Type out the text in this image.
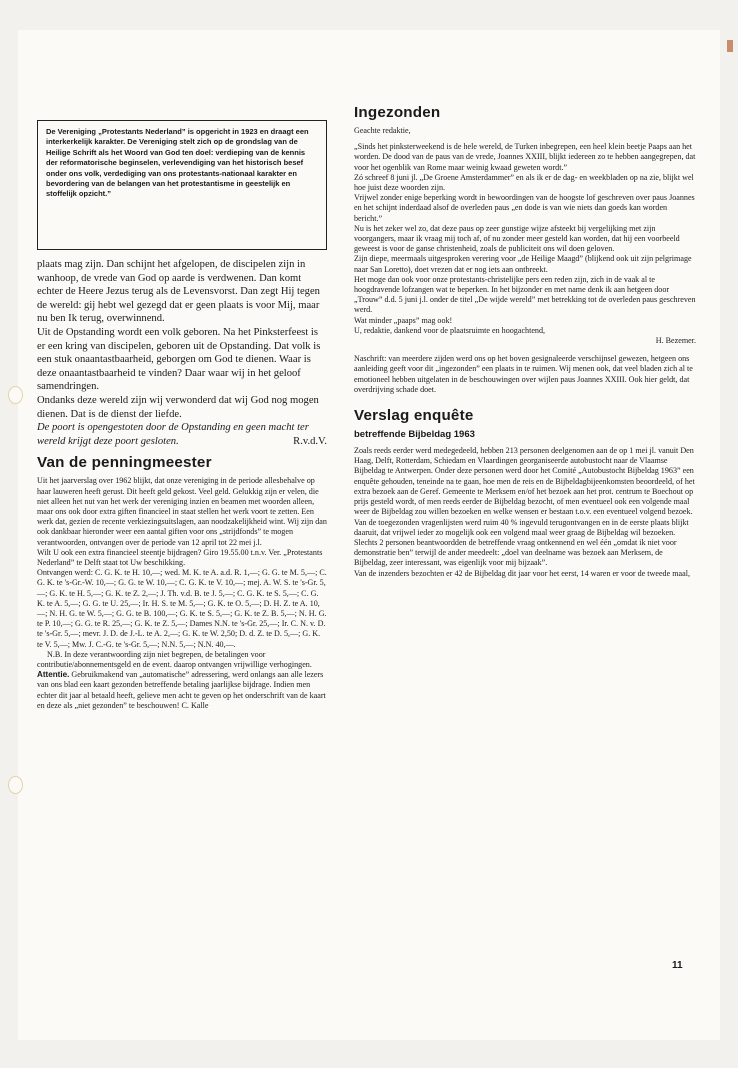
De Vereniging „Protestants Nederland” is opgericht in 1923 en draagt een interkerkelijk karakter. De Vereniging stelt zich op de grondslag van de Heilige Schrift als het Woord van God ten doel: verdieping van de kennis der reformatorische beginselen, verlevendiging van het historisch besef onder ons volk, verdediging van ons protestants-nationaal karakter en bevordering van de belangen van het protestantisme in geestelijk en stoffelijk opzicht.”

plaats mag zijn. Dan schijnt het afgelopen, de discipelen zijn in wanhoop, de vrede van God op aarde is verdwenen. Dan komt echter de Heere Jezus terug als de Levensvorst. Dan zegt Hij tegen de wereld: gij hebt wel gezegd dat er geen plaats is voor Mij, maar nu ben Ik terug, overwinnend.

Uit de Opstanding wordt een volk geboren. Na het Pinksterfeest is er een kring van discipelen, geboren uit de Opstanding. Dat volk is een stuk onaantastbaarheid, geborgen om God te dienen. Waar is deze onaantastbaarheid te vinden? Daar waar wij in het geloof samendringen.

Ondanks deze wereld zijn wij verwonderd dat wij God nog mogen dienen. Dat is de dienst der liefde.

De poort is opengestoten door de Opstanding en geen macht ter wereld krijgt deze poort gesloten.	R.v.d.V.

Van de penningmeester

Uit het jaarverslag over 1962 blijkt, dat onze vereniging in de periode allesbehalve op haar lauweren heeft gerust. Dit heeft geld gekost. Veel geld. Gelukkig zijn er velen, die niet alleen het nut van het werk der vereniging inzien en beamen met woorden alleen, maar ons ook door extra giften financieel in staat stellen het werk voort te zetten. Een werk dat, gezien de recente verkiezingsuitslagen, aan noodzakelijkheid wint. Wij zijn dan ook dankbaar hieronder weer een aantal giften voor ons „strijdfonds” te mogen verantwoorden, ontvangen over de periode van 12 april tot 22 mei j.l.

Wilt U ook een extra financieel steentje bijdragen? Giro 19.55.00 t.n.v. Ver. „Protestants Nederland” te Delft staat tot Uw beschikking.

Ontvangen werd: C. G. K. te H. 10,—; wed. M. K. te A. a.d. R. 1,—; G. G. te M. 5,—; C. G. K. te 's-Gr.-W. 10,—; G. G. te W. 10,—; C. G. K. te V. 10,—; mej. A. W. S. te 's-Gr. 5,—; G. K. te H. 5,—; G. K. te Z. 2,—; J. Th. v.d. B. te J. 5,—; C. G. K. te S. 5,—; C. G. K. te A. 5,—; G. G. te U. 25,—; Ir. H. S. te M. 5,—; G. K. te O. 5,—; D. H. Z. te A. 10,—; N. H. G. te W. 5,—; G. G. te B. 100,—; G. K. te S. 5,—; G. K. te Z. B. 5,—; N. H. G. te P. 10,—; G. G. te R. 25,—; G. K. te Z. 5,—; Dames N.N. te 's-Gr. 25,—; Ir. C. N. v. D. te 's-Gr. 5,—; mevr. J. D. de J.-L. te A. 2,—; G. K. te W. 2,50; D. d. Z. te D. 5,—; G. K. te V. 5,—; Mw. J. C.-G. te 's-Gr. 5,—; N.N. 5,—; N.N. 40,—.

N.B. In deze verantwoording zijn niet begrepen, de betalingen voor contributie/abonnementsgeld en de event. daarop ontvangen vrijwillige verhogingen.

Attentie. Gebruikmakend van „automatische” adressering, werd onlangs aan alle lezers van ons blad een kaart gezonden betreffende betaling jaarlijkse bijdrage. Indien men echter dit jaar al betaald heeft, gelieve men acht te geven op het onderschrift van de kaart en deze als „niet gezonden” te beschouwen! C. Kalle

Ingezonden

Geachte redaktie,

„Sinds het pinksterweekend is de hele wereld, de Turken inbegrepen, een heel klein beetje Paaps aan het worden. De dood van de paus van de vrede, Joannes XXIII, blijkt iedereen zo te hebben aangegrepen, dat voor het ogenblik van Rome maar weinig kwaad geweten wordt.”

Zó schreef 8 juni jl. „De Groene Amsterdammer” en als ik er de dag- en weekbladen op na zie, blijkt wel hoe juist deze woorden zijn.

Vrijwel zonder enige beperking wordt in bewoordingen van de hoogste lof geschreven over paus Joannes en het schijnt inderdaad alsof de overleden paus „en dode is van wie niets dan goeds kan worden bericht.”

Nu is het zeker wel zo, dat deze paus op zeer gunstige wijze afsteekt bij vergelijking met zijn voorgangers, maar ik vraag mij toch af, of nu zonder meer gesteld kan worden, dat hij een voorbeeld geweest is voor de ganse christenheid, zoals de publiciteit ons wil doen geloven.

Zijn diepe, meermaals uitgesproken verering voor „de Heilige Maagd” (blijkend ook uit zijn pelgrimage naar San Loretto), doet vrezen dat er nog iets aan ontbreekt.

Het moge dan ook voor onze protestants-christelijke pers een reden zijn, zich in de vaak al te hoogdravende lofzangen wat te beperken. In het bijzonder en met name denk ik aan hetgeen door „Trouw” d.d. 5 juni j.l. onder de titel „De wijde wereld” met betrekking tot de overleden paus geschreven werd.

Wat minder „paaps” mag ook!

U, redaktie, dankend voor de plaatsruimte en hoogachtend,

H. Bezemer.

Naschrift: van meerdere zijden werd ons op het boven gesignaleerde verschijnsel gewezen, hetgeen ons aanleiding geeft voor dit „ingezonden” een plaats in te ruimen. Wij menen ook, dat veel bladen zich al te emotioneel hebben uitgelaten in de beschouwingen over wijlen paus Joannes XXIII. Ook hier geldt, dat overdrijving schade doet.

Verslag enquête
betreffende Bijbeldag 1963

Zoals reeds eerder werd medegedeeld, hebben 213 personen deelgenomen aan de op 1 mei jl. vanuit Den Haag, Delft, Rotterdam, Schiedam en Vlaardingen georganiseerde autobustocht naar de Vlaamse Bijbeldag te Antwerpen. Onder deze personen werd door het Comité „Autobustocht Bijbeldag 1963” een enquête gehouden, teneinde na te gaan, hoe men de reis en de Bijbeldagbijeenkomsten beoordeeld, of het extra bezoek aan de Geref. Gemeente te Merksem en/of het bezoek aan het prot. centrum te Boechout op prijs gesteld wordt, of men reeds eerder de Bijbeldag bezocht, of men eventueel ook een volgende maal weer de Bijbeldag zou willen bezoeken en welke wensen er bestaan t.o.v. een eventueel volgend bezoek.

Van de toegezonden vragenlijsten werd ruim 40 % ingevuld terugontvangen en in de eerste plaats blijkt daaruit, dat vrijwel ieder zo mogelijk ook een volgend maal weer graag de Bijbeldag wil bezoeken. Slechts 2 personen beantwoordden de betreffende vraag ontkennend en wel één „omdat ik niet voor demonstratie ben” terwijl de ander meedeelt: „doel van deelname was bezoek aan Merksem, de Bijbeldag, zeer interessant, was eigenlijk voor mij bijzaak”.

Van de inzenders bezochten er 42 de Bijbeldag dit jaar voor het eerst, 14 waren er voor de tweede maal,

11
